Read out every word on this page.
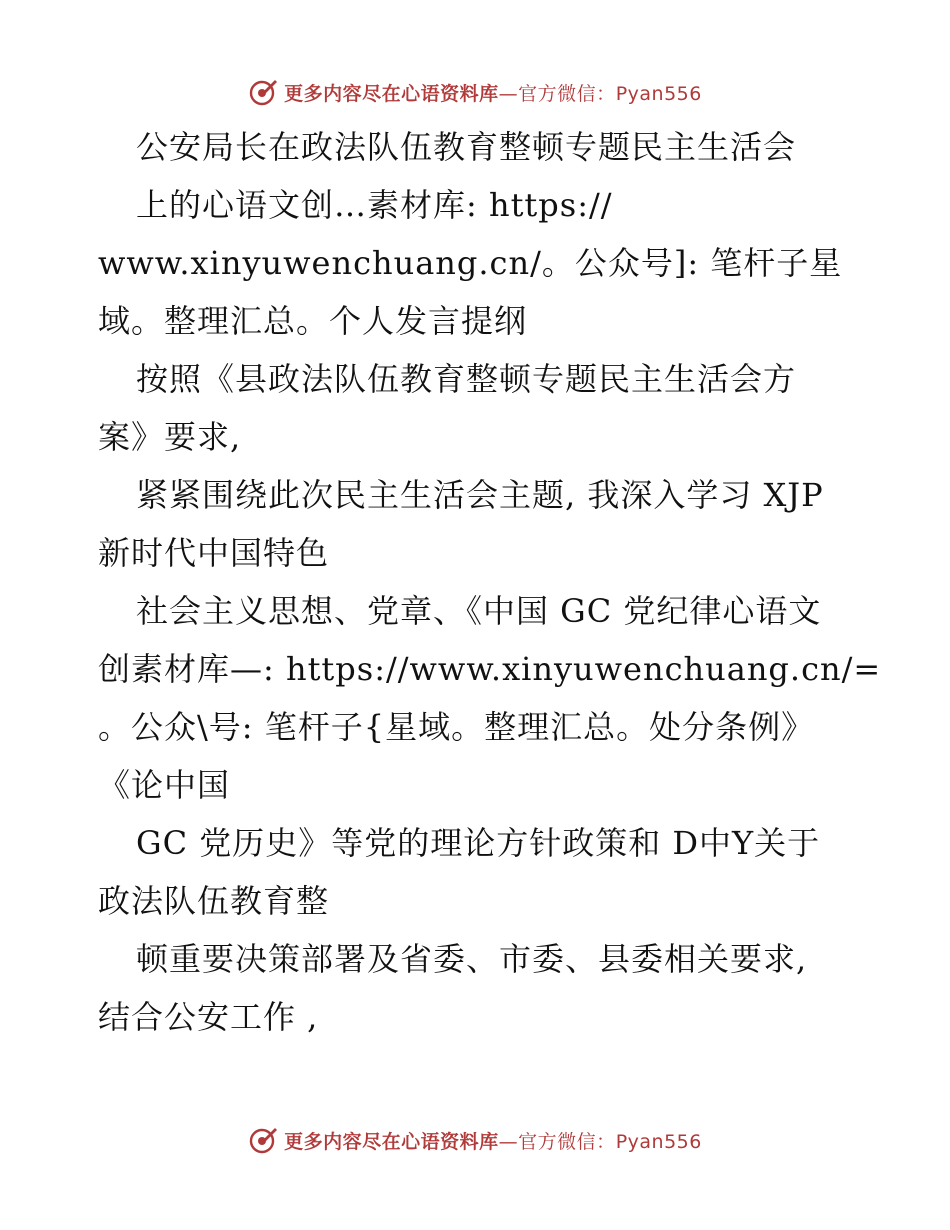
更多内容尽在心语资料库—官方微信：Pyan556
公安局长在政法队伍教育整顿专题民主生活会
上的心语文创…素材库: https://
www.xinyuwenchuang.cn/。公众号]: 笔杆子星
域。整理汇总。个人发言提纲
按照《县政法队伍教育整顿专题民主生活会方
案》要求,
紧紧围绕此次民主生活会主题, 我深入学习 XJP
新时代中国特色
社会主义思想、党章、《中国 GC 党纪律心语文
创素材库—: https://www.xinyuwenchuang.cn/=
。公众\号: 笔杆子{星域。整理汇总。处分条例》
《论中国
GC 党历史》等党的理论方针政策和 D中Y关于
政法队伍教育整
顿重要决策部署及省委、市委、县委相关要求,
结合公安工作 ,
更多内容尽在心语资料库—官方微信：Pyan556
